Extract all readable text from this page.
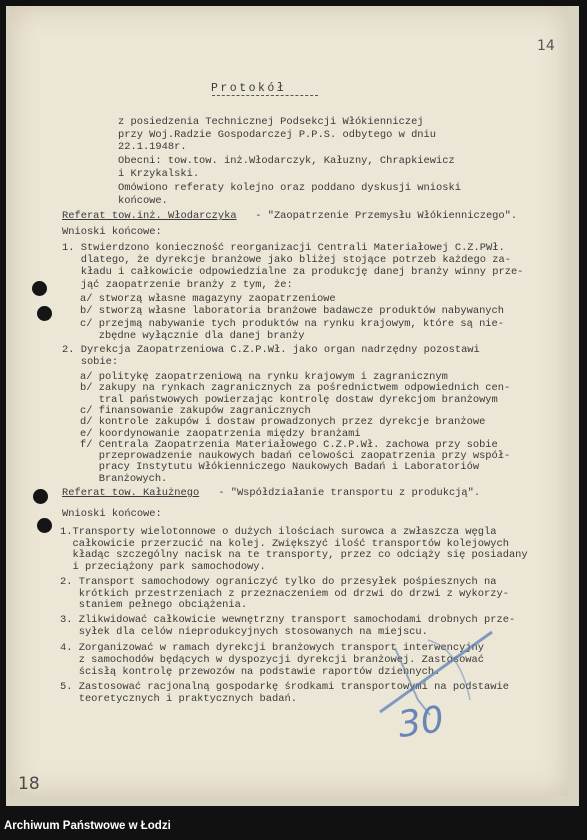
14
Protokół
z posiedzenia Technicznej Podsekcji Włókienniczej
przy Woj.Radzie Gospodarczej P.P.S. odbytego w dniu
22.1.1948r.
Obecni: tow.tow. inż.Włodarczyk, Kałuzny, Chrapkiewicz
i Krzykalski.
Omówiono referaty kolejno oraz poddano dyskusji wnioski
końcowe.
Referat tow.inż. Włodarczyka - "Zaopatrzenie Przemysłu Włókienniczego".
Wnioski końcowe:
1. Stwierdzono konieczność reorganizacji Centrali Materiałowej C.Z.PWł.
dlatego, że dyrekcje branżowe jako bliżej stojące potrzeb każdego za-
kładu i całkowicie odpowiedzialne za produkcję danej branży winny prze-
jąć zaopatrzenie branży z tym, że:
a/ stworzą własne magazyny zaopatrzeniowe
b/ stworzą własne laboratoria branżowe badawcze produktów nabywanych
c/ przejmą nabywanie tych produktów na rynku krajowym, które są nie-
zbędne wyłącznie dla danej branży
2. Dyrekcja Zaopatrzeniowa C.Z.P.Wł. jako organ nadrzędny pozostawi
sobie:
a/ politykę zaopatrzeniową na rynku krajowym i zagranicznym
b/ zakupy na rynkach zagranicznych za pośrednictwem odpowiednich cen-
tral państwowych powierzając kontrolę dostaw dyrekcjom branżowym
c/ finansowanie zakupów zagranicznych
d/ kontrole zakupów i dostaw prowadzonych przez dyrekcje branżowe
e/ koordynowanie zaopatrzenia między branżami
f/ Centrala Zaopatrzenia Materiałowego C.Z.P.Wł. zachowa przy sobie
przeprowadzenie naukowych badań celowości zaopatrzenia przy współ-
pracy Instytutu Włókienniczego Naukowych Badań i Laboratoriów
Branżowych.
Referat tow. Kałużnego - "Współdziałanie transportu z produkcją".
Wnioski końcowe:
1.Transporty wielotonnowe o dużych ilościach surowca a zwłaszcza węgla
całkowicie przerzucić na kolej. Zwiększyć ilość transportów kolejowych
kładąc szczególny nacisk na te transporty, przez co odciąży się posiadany
i przeciążony park samochodowy.
2. Transport samochodowy ograniczyć tylko do przesyłek pośpiesznych na
krótkich przestrzeniach z przeznaczeniem od drzwi do drzwi z wykorzy-
staniem pełnego obciążenia.
3. Zlikwidować całkowicie wewnętrzny transport samochodami drobnych prze-
syłek dla celów nieprodukcyjnych stosowanych na miejscu.
4. Zorganizować w ramach dyrekcji branżowych transport interwencyjny
z samochodów będących w dyspozycji dyrekcji branżowej. Zastosować
ścisłą kontrolę przewozów na podstawie raportów dziennych.
5. Zastosować racjonalną gospodarkę środkami transportowymi na podstawie
teoretycznych i praktycznych badań.
30
18
Archiwum Państwowe w Łodzi
